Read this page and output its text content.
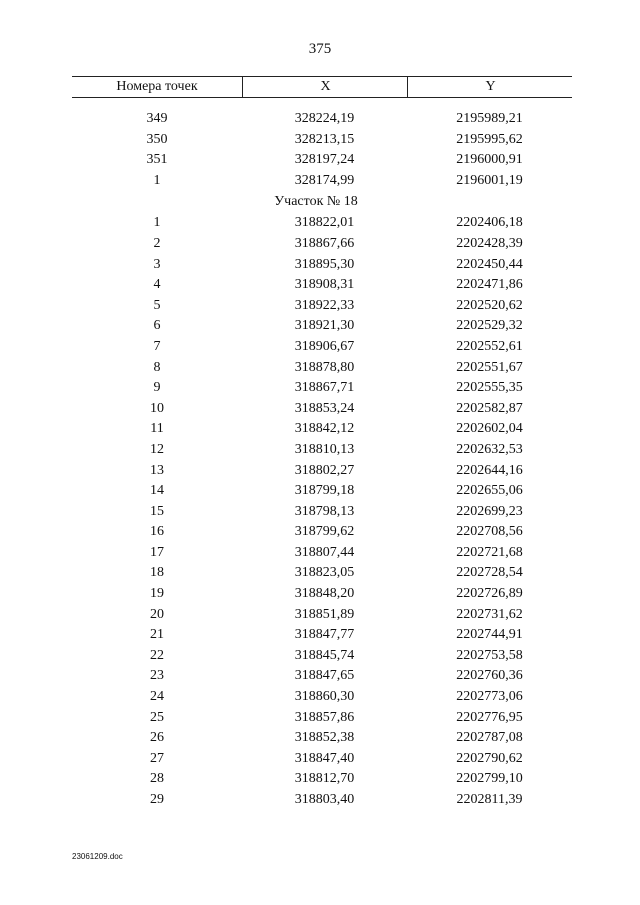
375
Номера точек	X	Y
349	328224,19	2195989,21
350	328213,15	2195995,62
351	328197,24	2196000,91
1	328174,99	2196001,19
Участок № 18
1	318822,01	2202406,18
2	318867,66	2202428,39
3	318895,30	2202450,44
4	318908,31	2202471,86
5	318922,33	2202520,62
6	318921,30	2202529,32
7	318906,67	2202552,61
8	318878,80	2202551,67
9	318867,71	2202555,35
10	318853,24	2202582,87
11	318842,12	2202602,04
12	318810,13	2202632,53
13	318802,27	2202644,16
14	318799,18	2202655,06
15	318798,13	2202699,23
16	318799,62	2202708,56
17	318807,44	2202721,68
18	318823,05	2202728,54
19	318848,20	2202726,89
20	318851,89	2202731,62
21	318847,77	2202744,91
22	318845,74	2202753,58
23	318847,65	2202760,36
24	318860,30	2202773,06
25	318857,86	2202776,95
26	318852,38	2202787,08
27	318847,40	2202790,62
28	318812,70	2202799,10
29	318803,40	2202811,39
23061209.doc
